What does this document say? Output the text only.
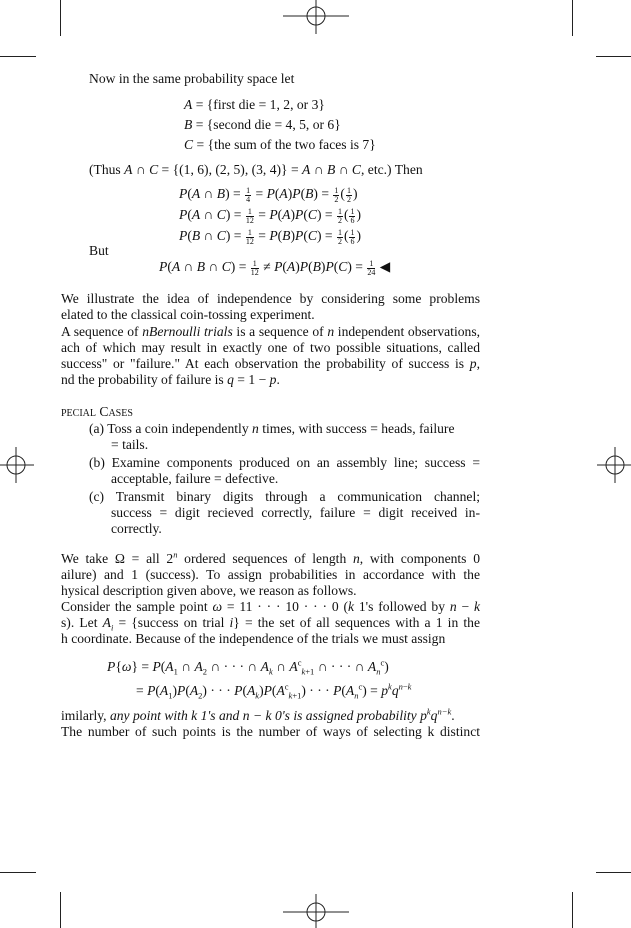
Now in the same probability space let
A = {first die = 1, 2, or 3}
B = {second die = 4, 5, or 6}
C = {the sum of the two faces is 7}
(Thus A ∩ C = {(1, 6), (2, 5), (3, 4)} = A ∩ B ∩ C, etc.) Then
P(A ∩ $B) = \frac{1}{4} = P(A)P(B) = \frac{1}{2}$ ( $\frac{1}{2}$ )
P(A ∩ $C) = \frac{1}{12} = P(A)P(C) = \frac{1}{2}$ ( $\frac{1}{6}$ )
P(B ∩ $C) = \frac{1}{12} = P(B)P(C) = \frac{1}{2}$ ( $\frac{1}{6}$ )
But
P(A ∩ B ∩ $C) = \frac{1}{12} \ne P(A)P(B)P(C) = \frac{1}{24}$ ◀
We illustrate the idea of independence by considering some problems
elated to the classical coin-tossing experiment.
A sequence of nBernoulli trials is a sequence of n independent observations,
ach of which may result in exactly one of two possible situations, called
success" or "failure." At each observation the probability of success is p,
nd the probability of failure is q = 1 − p.
pecial Cases
(a) Toss a coin independently n times, with success = heads, failure
= tails.
(b) Examine components produced on an assembly line; success =
acceptable, failure = defective.
(c) Transmit binary digits through a communication channel;
success = digit recieved correctly, failure = digit received in-
correctly.
We take Ω = all 2$^n$ ordered sequences of length n, with components 0
ailure) and 1 (success). To assign probabilities in accordance with the
hysical description given above, we reason as follows.
Consider the sample point ω = 11 · · · 10 · · · 0 (k 1's followed by n − k
s). Let $A_i$ = {success on trial i} = the set of all sequences with a 1 in the
h coordinate. Because of the independence of the trials we must assign
$P\{\omega\} = P(A_1$ ∩ $A_2$ ∩ · · · ∩ $A_k$ ∩ $A^c_{k+1}$ ∩ · · · ∩ $A_n^c$)
= $P(A_1)P(A_2)$ · · · $P(A_k)P(A^c_{k+1})$ · · · $P(A_n^c) = p^kq^{n-k}$
imilarly, any point with k 1's and n − k 0's is assigned probability $p^kq^{n-k}$.
The number of such points is the number of ways of selecting k distinct
